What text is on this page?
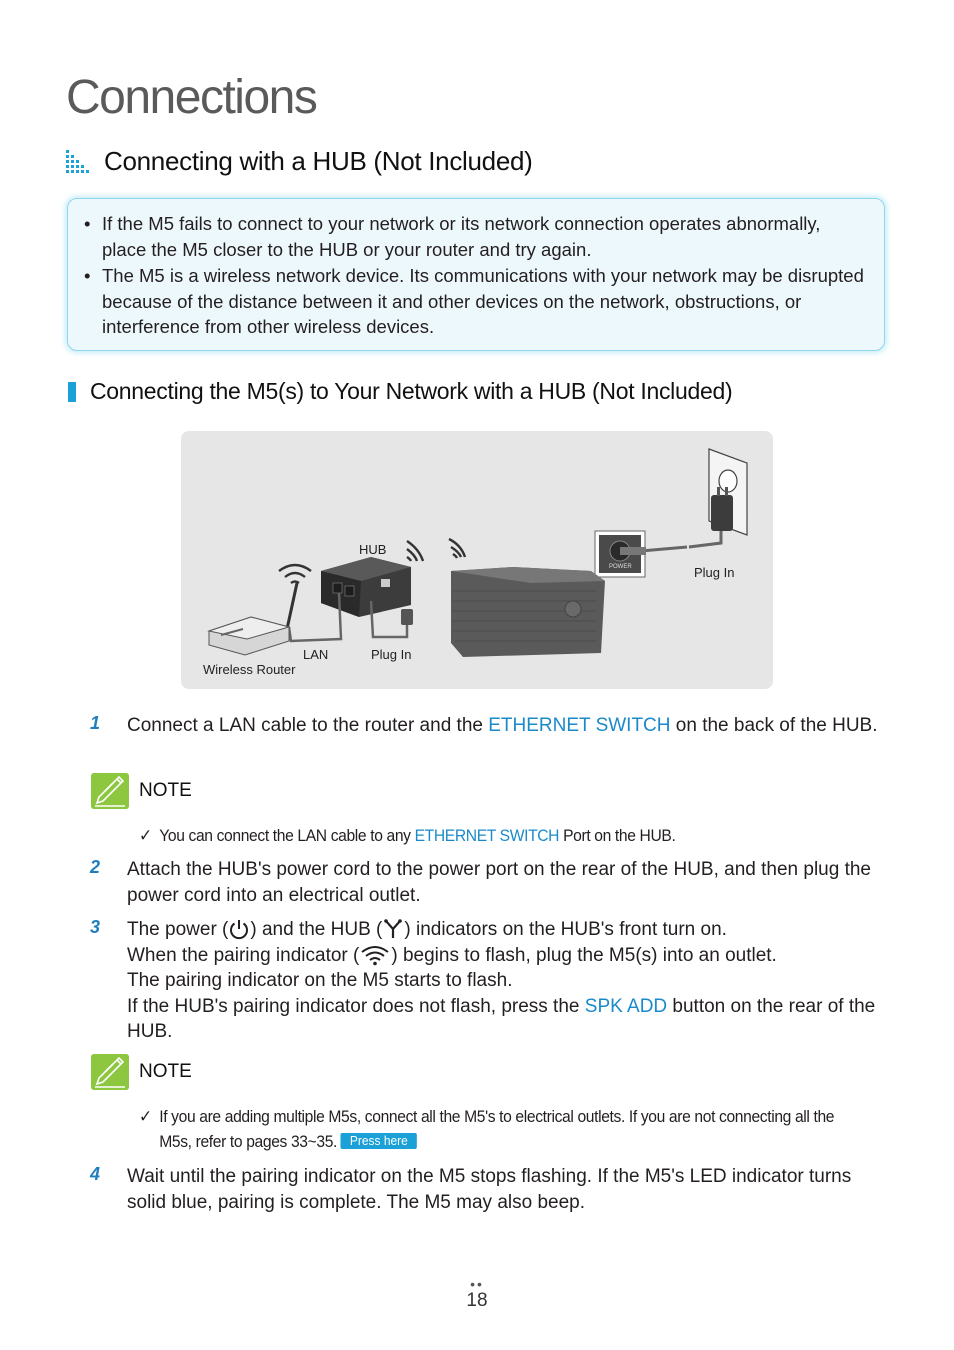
Connections
Connecting with a HUB (Not Included)
• If the M5 fails to connect to your network or its network connection operates abnormally, place the M5 closer to the HUB or your router and try again.
• The M5 is a wireless network device. Its communications with your network may be disrupted because of the distance between it and other devices on the network, obstructions, or interference from other wireless devices.
Connecting the M5(s) to Your Network with a HUB (Not Included)
HUB
Plug In
LAN	Plug In
Wireless Router
POWER
1 Connect a LAN cable to the router and the ETHERNET SWITCH on the back of the HUB.
NOTE
✓ You can connect the LAN cable to any ETHERNET SWITCH Port on the HUB.
2 Attach the HUB's power cord to the power port on the rear of the HUB, and then plug the power cord into an electrical outlet.
3 The power ( ) and the HUB ( ) indicators on the HUB's front turn on.
When the pairing indicator ( ) begins to flash, plug the M5(s) into an outlet.
The pairing indicator on the M5 starts to flash.
If the HUB's pairing indicator does not flash, press the SPK ADD button on the rear of the HUB.
NOTE
✓ If you are adding multiple M5s, connect all the M5's to electrical outlets. If you are not connecting all the M5s, refer to pages 33~35. Press here
4 Wait until the pairing indicator on the M5 stops flashing. If the M5's LED indicator turns solid blue, pairing is complete. The M5 may also beep.
••
18
